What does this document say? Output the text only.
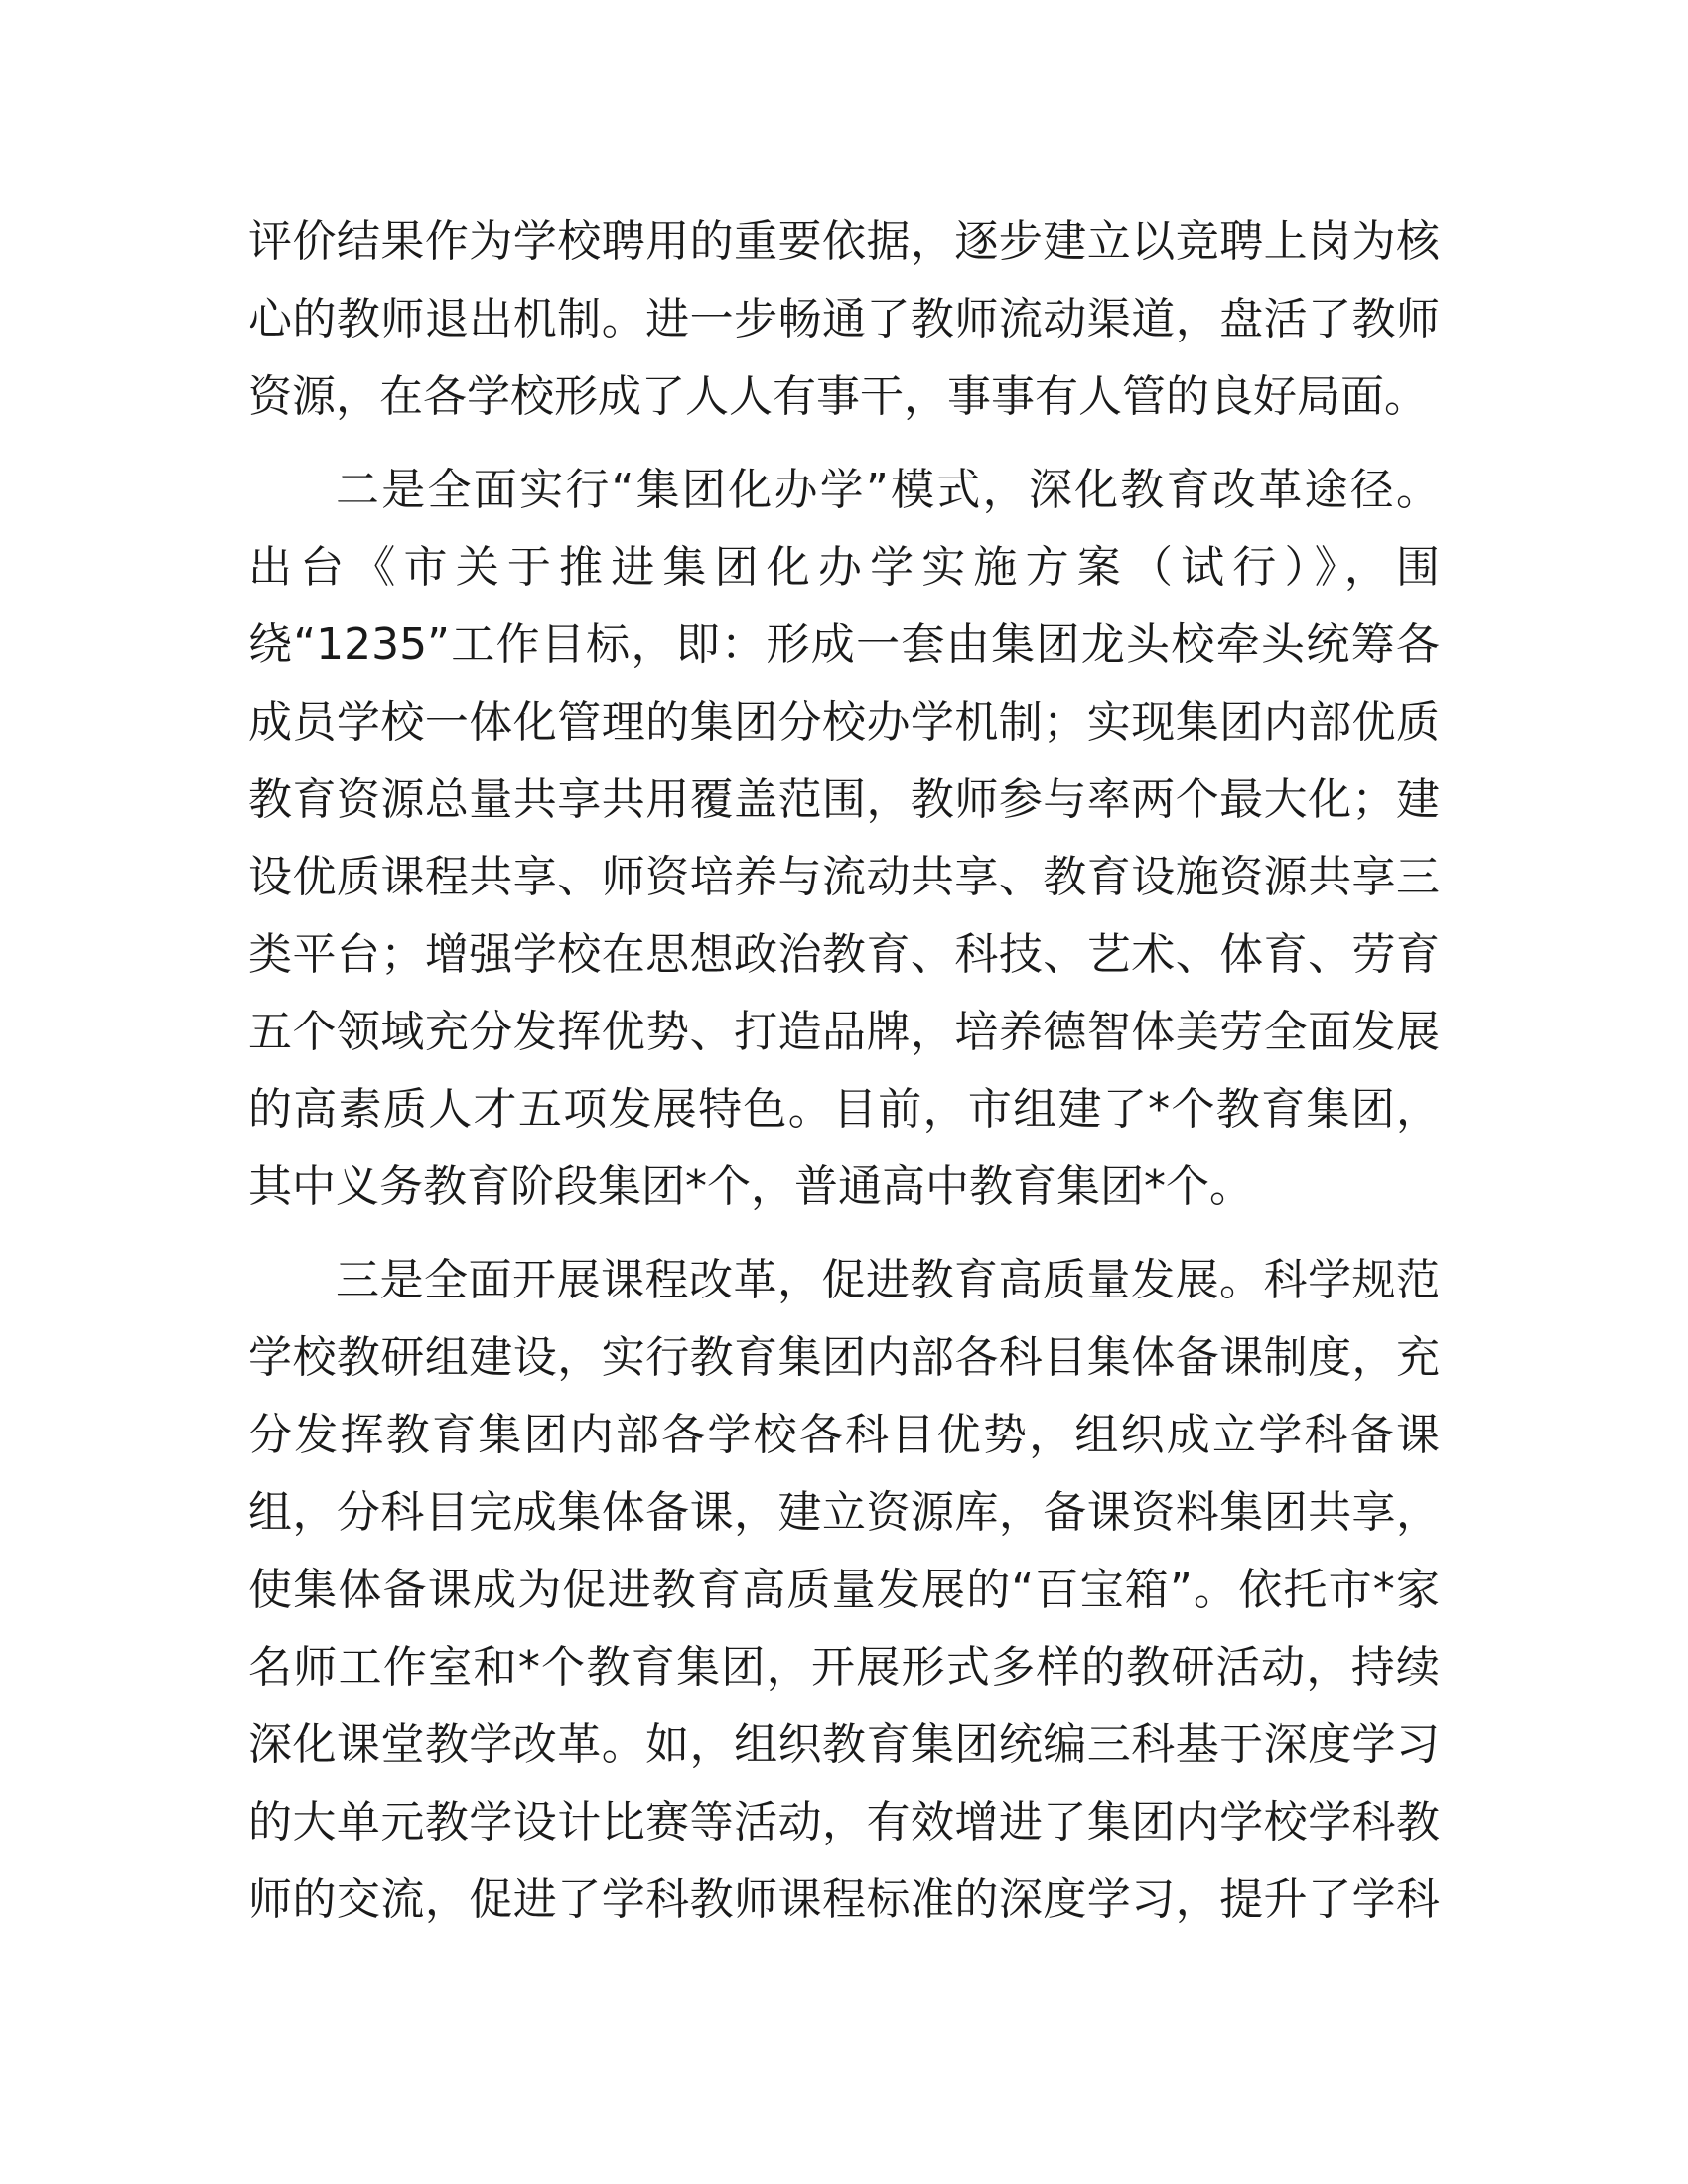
评价结果作为学校聘用的重要依据，逐步建立以竞聘上岗为核
心的教师退出机制。进一步畅通了教师流动渠道，盘活了教师
资源，在各学校形成了人人有事干，事事有人管的良好局面。

二是全面实行“集团化办学”模式，深化教育改革途径。
出台《市关于推进集团化办学实施方案（试行）》，围
绕“1235”工作目标，即：形成一套由集团龙头校牵头统筹各
成员学校一体化管理的集团分校办学机制；实现集团内部优质
教育资源总量共享共用覆盖范围，教师参与率两个最大化；建
设优质课程共享、师资培养与流动共享、教育设施资源共享三
类平台；增强学校在思想政治教育、科技、艺术、体育、劳育
五个领域充分发挥优势、打造品牌，培养德智体美劳全面发展
的高素质人才五项发展特色。目前，市组建了*个教育集团，
其中义务教育阶段集团*个，普通高中教育集团*个。

三是全面开展课程改革，促进教育高质量发展。科学规范
学校教研组建设，实行教育集团内部各科目集体备课制度，充
分发挥教育集团内部各学校各科目优势，组织成立学科备课
组，分科目完成集体备课，建立资源库，备课资料集团共享，
使集体备课成为促进教育高质量发展的“百宝箱”。依托市*家
名师工作室和*个教育集团，开展形式多样的教研活动，持续
深化课堂教学改革。如，组织教育集团统编三科基于深度学习
的大单元教学设计比赛等活动，有效增进了集团内学校学科教
师的交流，促进了学科教师课程标准的深度学习，提升了学科
